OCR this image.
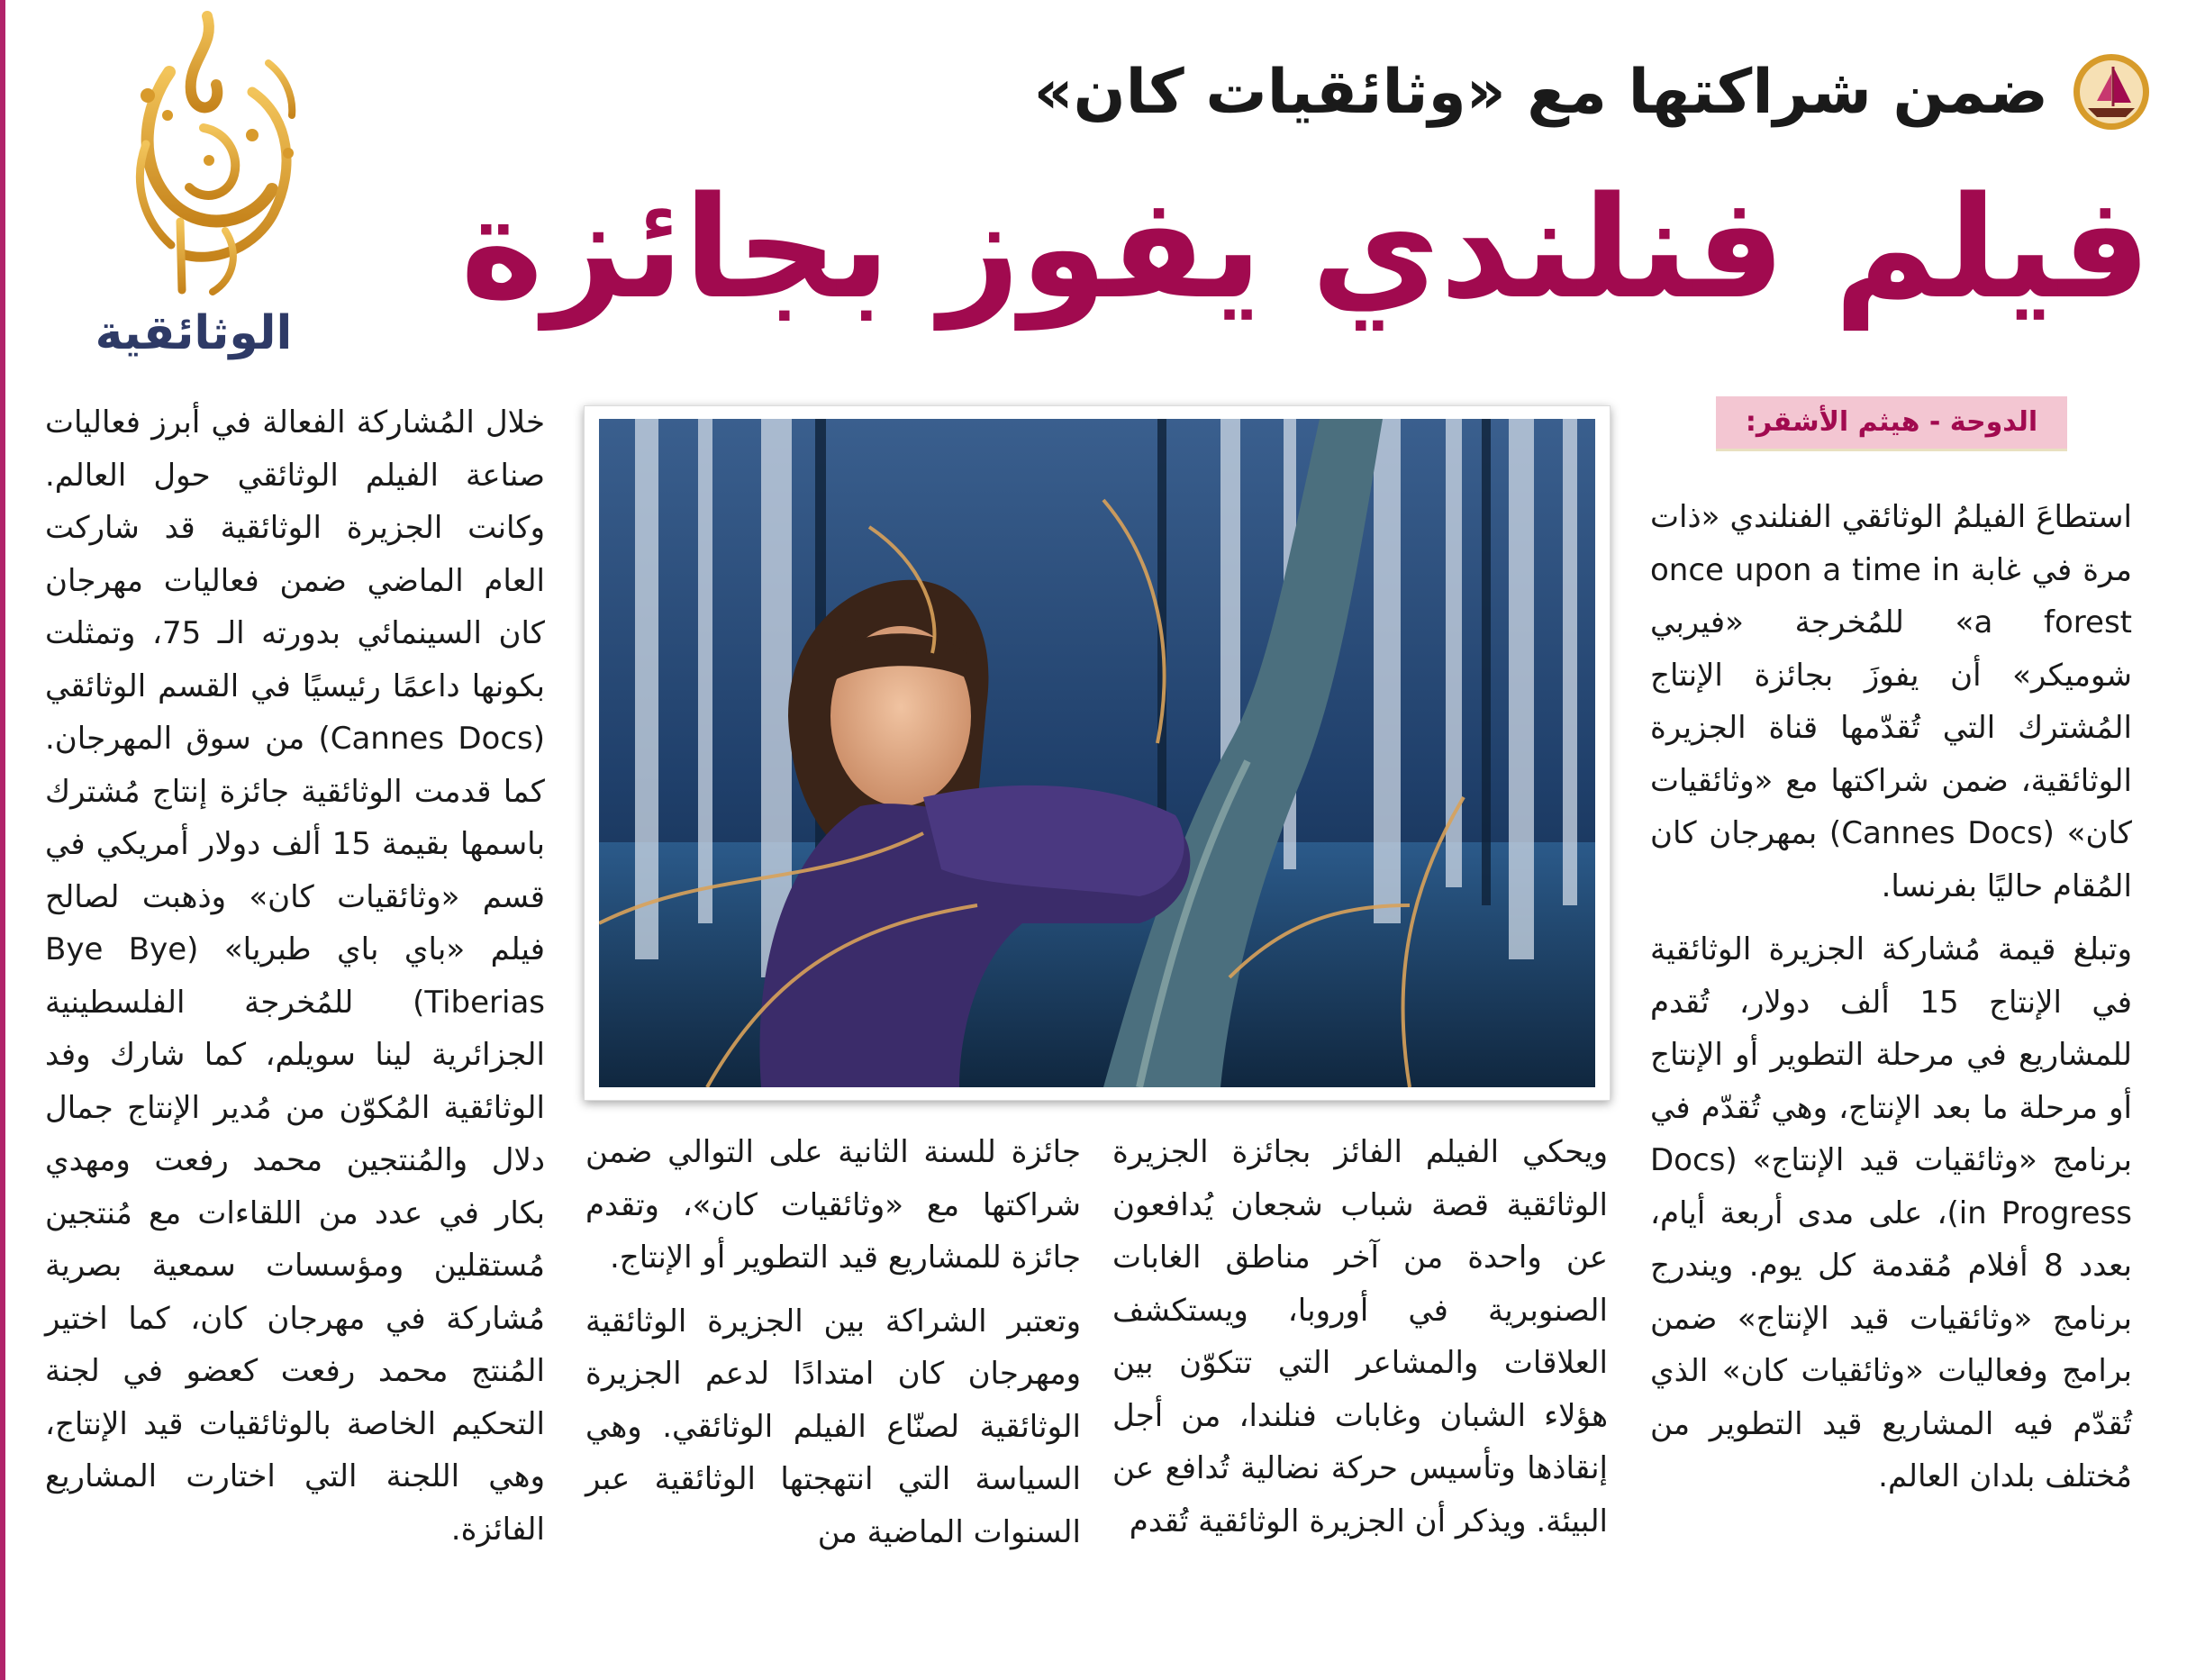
الوثائقية
ضمن شراكتها مع «وثائقيات كان»
فيلم فنلندي يفوز بجائزة
الدوحة - هيثم الأشقر:

استطاعَ الفيلمُ الوثائقي الفنلندي «ذات مرة في غابة once upon a time in a forest» للمُخرجة «فيربي شوميكر» أن يفوزَ بجائزة الإنتاج المُشترك التي تُقدّمها قناة الجزيرة الوثائقية، ضمن شراكتها مع «وثائقيات كان» (Cannes Docs) بمهرجان كان المُقام حاليًا بفرنسا.

وتبلغ قيمة مُشاركة الجزيرة الوثائقية في الإنتاج 15 ألف دولار، تُقدم للمشاريع في مرحلة التطوير أو الإنتاج أو مرحلة ما بعد الإنتاج، وهي تُقدّم في برنامج «وثائقيات قيد الإنتاج» (Docs in Progress)، على مدى أربعة أيام، بعدد 8 أفلام مُقدمة كل يوم. ويندرج برنامج «وثائقيات قيد الإنتاج» ضمن برامج وفعاليات «وثائقيات كان» الذي تُقدّم فيه المشاريع قيد التطوير من مُختلف بلدان العالم.

ويحكي الفيلم الفائز بجائزة الجزيرة الوثائقية قصة شباب شجعان يُدافعون عن واحدة من آخر مناطق الغابات الصنوبرية في أوروبا، ويستكشف العلاقات والمشاعر التي تتكوّن بين هؤلاء الشبان وغابات فنلندا، من أجل إنقاذها وتأسيس حركة نضالية تُدافع عن البيئة. ويذكر أن الجزيرة الوثائقية تُقدم

جائزة للسنة الثانية على التوالي ضمن شراكتها مع «وثائقيات كان»، وتقدم جائزة للمشاريع قيد التطوير أو الإنتاج.

وتعتبر الشراكة بين الجزيرة الوثائقية ومهرجان كان امتدادًا لدعم الجزيرة الوثائقية لصنّاع الفيلم الوثائقي. وهي السياسة التي انتهجتها الوثائقية عبر السنوات الماضية من

خلال المُشاركة الفعالة في أبرز فعاليات صناعة الفيلم الوثائقي حول العالم. وكانت الجزيرة الوثائقية قد شاركت العام الماضي ضمن فعاليات مهرجان كان السينمائي بدورته الـ 75، وتمثلت بكونها داعمًا رئيسيًا في القسم الوثائقي (Cannes Docs) من سوق المهرجان. كما قدمت الوثائقية جائزة إنتاج مُشترك باسمها بقيمة 15 ألف دولار أمريكي في قسم «وثائقيات كان» وذهبت لصالح فيلم «باي باي طبريا» (Bye Bye Tiberias) للمُخرجة الفلسطينية الجزائرية لينا سويلم، كما شارك وفد الوثائقية المُكوّن من مُدير الإنتاج جمال دلال والمُنتجين محمد رفعت ومهدي بكار في عدد من اللقاءات مع مُنتجين مُستقلين ومؤسسات سمعية بصرية مُشاركة في مهرجان كان، كما اختير المُنتج محمد رفعت كعضو في لجنة التحكيم الخاصة بالوثائقيات قيد الإنتاج، وهي اللجنة التي اختارت المشاريع الفائزة.
